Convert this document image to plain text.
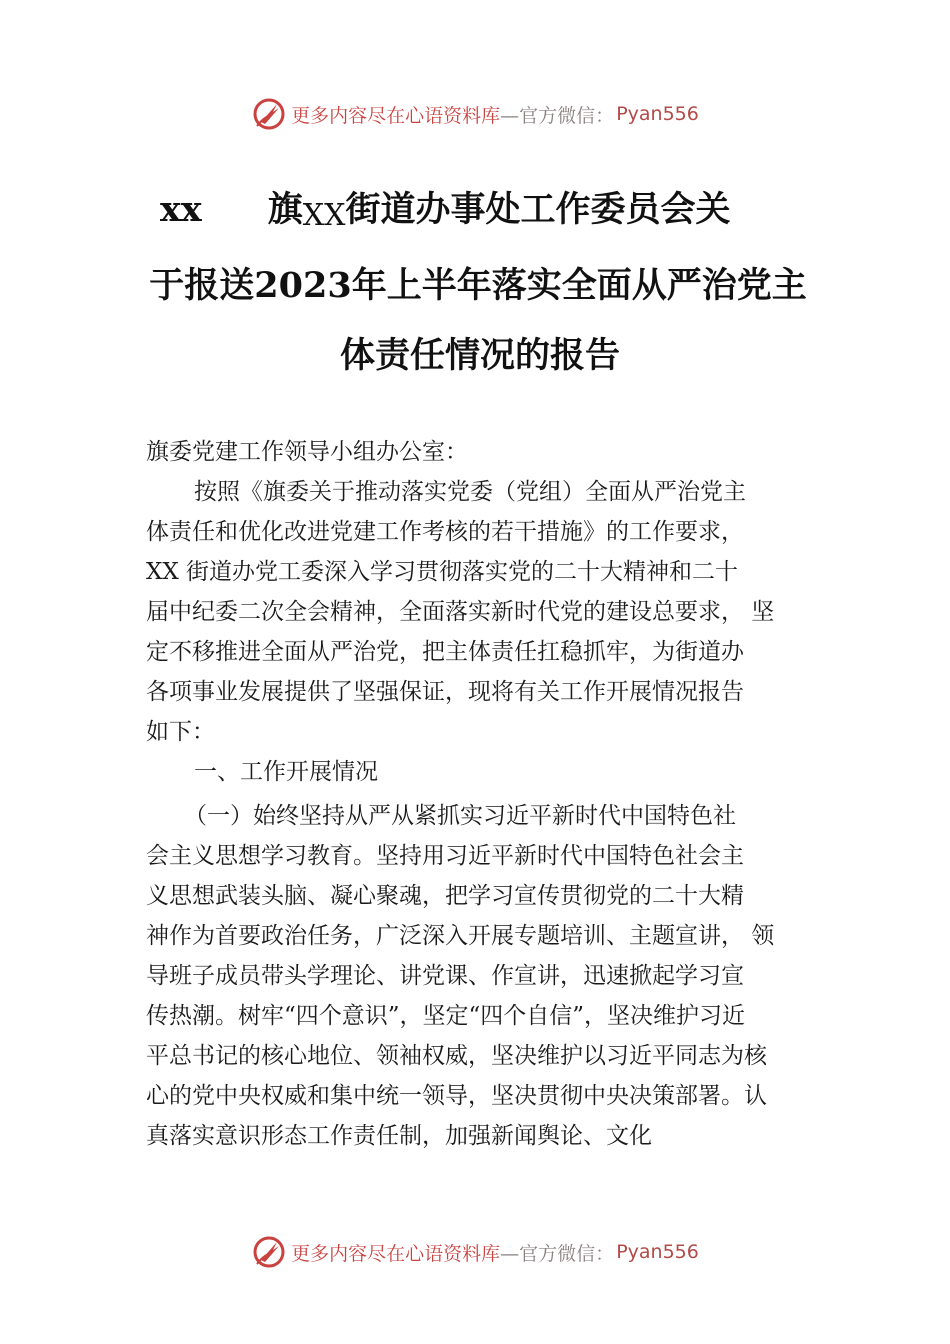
更多内容尽在心语资料库 —官方微信： Pyan556
xx 旗XX街道办事处工作委员会关
于报送2023年上半年落实全面从严治党主
体责任情况的报告
旗委党建工作领导小组办公室：
按照《旗委关于推动落实党委（党组）全面从严治党主
体责任和优化改进党建工作考核的若干措施》的工作要求，
XX 街道办党工委深入学习贯彻落实党的二十大精神和二十
届中纪委二次全会精神，全面落实新时代党的建设总要求， 坚
定不移推进全面从严治党，把主体责任扛稳抓牢，为街道办
各项事业发展提供了坚强保证，现将有关工作开展情况报告
如下：
一、工作开展情况
（一）始终坚持从严从紧抓实习近平新时代中国特色社
会主义思想学习教育。坚持用习近平新时代中国特色社会主
义思想武装头脑、凝心聚魂，把学习宣传贯彻党的二十大精
神作为首要政治任务，广泛深入开展专题培训、主题宣讲， 领
导班子成员带头学理论、讲党课、作宣讲，迅速掀起学习宣
传热潮。树牢“四个意识”，坚定“四个自信”，坚决维护习近
平总书记的核心地位、领袖权威，坚决维护以习近平同志为核
心的党中央权威和集中统一领导，坚决贯彻中央决策部署。认
真落实意识形态工作责任制，加强新闻舆论、文化
更多内容尽在心语资料库 —官方微信： Pyan556
